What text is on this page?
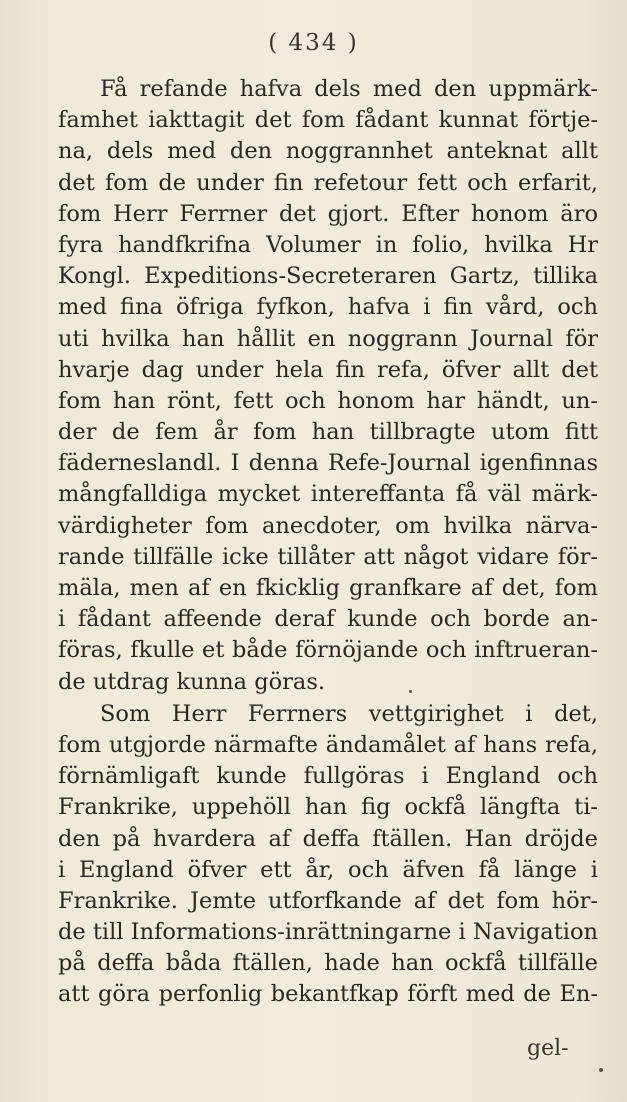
( 434 )
Få refande hafva dels med den uppmärk-
famhet iakttagit det fom fådant kunnat förtje-
na, dels med den noggrannhet anteknat allt
det fom de under fin refetour fett och erfarit,
fom Herr Ferrner det gjort. Efter honom äro
fyra handfkrifna Volumer in folio, hvilka Hr
Kongl. Expeditions-Secreteraren Gartz, tillika
med fina öfriga fyfkon, hafva i fin vård, och
uti hvilka han hållit en noggrann Journal för
hvarje dag under hela fin refa, öfver allt det
fom han rönt, fett och honom har händt, un-
der de fem år fom han tillbragte utom fitt
fäderneslandl. I denna Refe-Journal igenfinnas
mångfalldiga mycket intereffanta få väl märk-
värdigheter fom anecdoter, om hvilka närva-
rande tillfälle icke tillåter att något vidare för-
mäla, men af en fkicklig granfkare af det, fom
i fådant affeende deraf kunde och borde an-
föras, fkulle et både förnöjande och inftrueran-
de utdrag kunna göras.
Som Herr Ferrners vettgirighet i det,
fom utgjorde närmafte ändamålet af hans refa,
förnämligaft kunde fullgöras i England och
Frankrike, uppehöll han fig ockfå längfta ti-
den på hvardera af deffa ftällen. Han dröjde
i England öfver ett år, och äfven få länge i
Frankrike. Jemte utforfkande af det fom hör-
de till Informations-inrättningarne i Navigation
på deffa båda ftällen, hade han ockfå tillfälle
att göra perfonlig bekantfkap förft med de En-
gel-
